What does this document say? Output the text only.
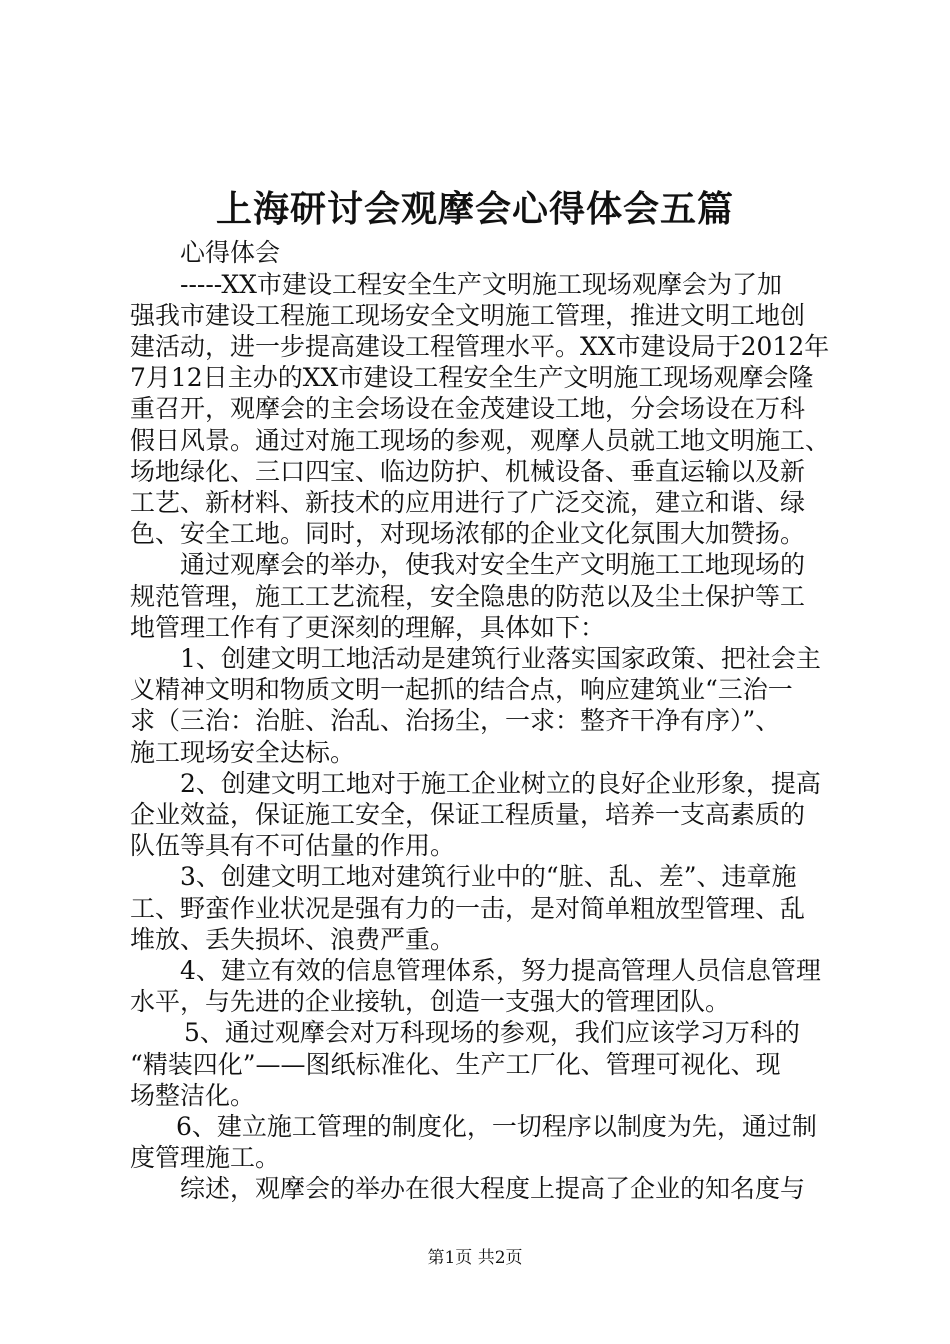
上海研讨会观摩会心得体会五篇
心得体会
-----XX市建设工程安全生产文明施工现场观摩会为了加
强我市建设工程施工现场安全文明施工管理，推进文明工地创
建活动，进一步提高建设工程管理水平。XX市建设局于2012年
7月12日主办的XX市建设工程安全生产文明施工现场观摩会隆
重召开，观摩会的主会场设在金茂建设工地，分会场设在万科
假日风景。通过对施工现场的参观，观摩人员就工地文明施工、
场地绿化、三口四宝、临边防护、机械设备、垂直运输以及新
工艺、新材料、新技术的应用进行了广泛交流，建立和谐、绿
色、安全工地。同时，对现场浓郁的企业文化氛围大加赞扬。
通过观摩会的举办，使我对安全生产文明施工工地现场的
规范管理，施工工艺流程，安全隐患的防范以及尘土保护等工
地管理工作有了更深刻的理解，具体如下：
1、创建文明工地活动是建筑行业落实国家政策、把社会主
义精神文明和物质文明一起抓的结合点，响应建筑业“三治一
求（三治：治脏、治乱、治扬尘，一求：整齐干净有序）”、
施工现场安全达标。
2、创建文明工地对于施工企业树立的良好企业形象，提高
企业效益，保证施工安全，保证工程质量，培养一支高素质的
队伍等具有不可估量的作用。
3、创建文明工地对建筑行业中的“脏、乱、差”、违章施
工、野蛮作业状况是强有力的一击，是对简单粗放型管理、乱
堆放、丢失损坏、浪费严重。
4、建立有效的信息管理体系，努力提高管理人员信息管理
水平，与先进的企业接轨，创造一支强大的管理团队。
5、通过观摩会对万科现场的参观，我们应该学习万科的
“精装四化”——图纸标准化、生产工厂化、管理可视化、现
场整洁化。
6、建立施工管理的制度化，一切程序以制度为先，通过制
度管理施工。
综述，观摩会的举办在很大程度上提高了企业的知名度与
第1页 共2页
